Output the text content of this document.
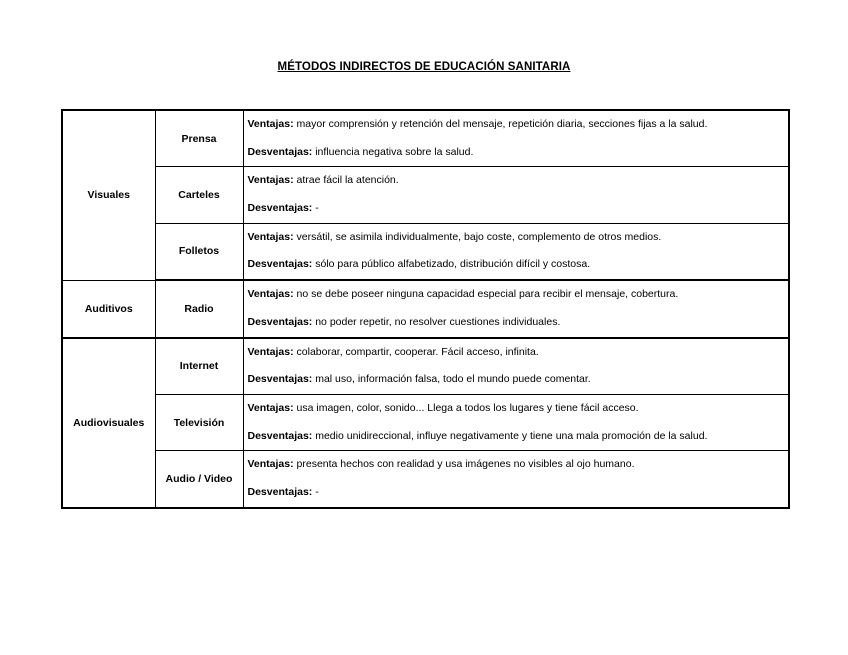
MÉTODOS INDIRECTOS DE EDUCACIÓN SANITARIA
Visuales	Prensa	Ventajas: mayor comprensión y retención del mensaje, repetición diaria, secciones fijas a la salud.
Desventajas: influencia negativa sobre la salud.

	Carteles	Ventajas: atrae fácil la atención.
Desventajas: -

	Folletos	Ventajas: versátil, se asimila individualmente, bajo coste, complemento de otros medios.
Desventajas: sólo para público alfabetizado, distribución difícil y costosa.

Auditivos	Radio	Ventajas: no se debe poseer ninguna capacidad especial para recibir el mensaje, cobertura.
Desventajas: no poder repetir, no resolver cuestiones individuales.

Audiovisuales	Internet	Ventajas: colaborar, compartir, cooperar. Fácil acceso, infinita.
Desventajas: mal uso, información falsa, todo el mundo puede comentar.

	Televisión	Ventajas: usa imagen, color, sonido... Llega a todos los lugares y tiene fácil acceso.
Desventajas: medio unidireccional, influye negativamente y tiene una mala promoción de la salud.

	Audio / Video	Ventajas: presenta hechos con realidad y usa imágenes no visibles al ojo humano.
Desventajas: -
